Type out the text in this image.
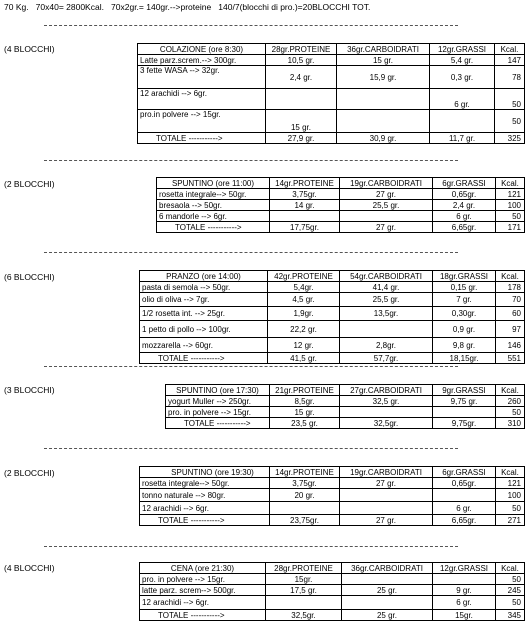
70 Kg.   70x40= 2800Kcal.   70x2gr.= 140gr.-->proteine   140/7(blocchi di pro.)=20BLOCCHI TOT.
(4 BLOCCHI)	COLAZIONE (ore 8:30)	28gr.PROTEINE	36gr.CARBOIDRATI	12gr.GRASSI	Kcal.
Latte parz.screm.--> 300gr.	10,5 gr.	15 gr.	5,4 gr.	147
3 fette WASA --> 32gr.	2,4 gr.	15,9 gr.	0,3 gr.	78
12 arachidi --> 6gr.			6 gr.	50
pro.in polvere --> 15gr.	15 gr.			50
TOTALE ----------->	27,9 gr.	30,9 gr.	11,7 gr.	325
(2 BLOCCHI)	SPUNTINO (ore 11:00)	14gr.PROTEINE	19gr.CARBOIDRATI	6gr.GRASSI	Kcal.
rosetta integrale--> 50gr.	3,75gr.	27 gr.	0,65gr.	121
bresaola --> 50gr.	14 gr.	25,5 gr.	2,4 gr.	100
6 mandorle --> 6gr.			6 gr.	50
TOTALE ----------->	17,75gr.	27 gr.	6,65gr.	171
(6 BLOCCHI)	PRANZO (ore 14:00)	42gr.PROTEINE	54gr.CARBOIDRATI	18gr.GRASSI	Kcal.
pasta di semola --> 50gr.	5,4gr.	41,4 gr.	0,15 gr.	178
olio di oliva --> 7gr.	4,5 gr.	25,5 gr.	7 gr.	70
1/2 rosetta int. --> 25gr.	1,9gr.	13,5gr.	0,30gr.	60
1 petto di pollo --> 100gr.	22,2 gr.		0,9 gr.	97
mozzarella --> 60gr.	12 gr.	2,8gr.	9,8 gr.	146
TOTALE ----------->	41,5 gr.	57,7gr.	18,15gr.	551
(3 BLOCCHI)	SPUNTINO (ore 17:30)	21gr.PROTEINE	27gr.CARBOIDRATI	9gr.GRASSI	Kcal.
yogurt Muller --> 250gr.	8,5gr.	32,5 gr.	9,75 gr.	260
pro. in polvere --> 15gr.	15 gr.			50
TOTALE ----------->	23,5 gr.	32,5gr.	9,75gr.	310
(2 BLOCCHI)	SPUNTINO (ore 19:30)	14gr.PROTEINE	19gr.CARBOIDRATI	6gr.GRASSI	Kcal.
rosetta integrale--> 50gr.	3,75gr.	27 gr.	0,65gr.	121
tonno naturale --> 80gr.	20 gr.			100
12 arachidi --> 6gr.			6 gr.	50
TOTALE ----------->	23,75gr.	27 gr.	6,65gr.	271
(4 BLOCCHI)	CENA (ore 21:30)	28gr.PROTEINE	36gr.CARBOIDRATI	12gr.GRASSI	Kcal.
pro. in polvere --> 15gr.	15gr.			50
latte parz. screm--> 500gr.	17,5 gr.	25 gr.	9 gr.	245
12 arachidi --> 6gr.			6 gr.	50
TOTALE ----------->	32,5gr.	25 gr.	15gr.	345
